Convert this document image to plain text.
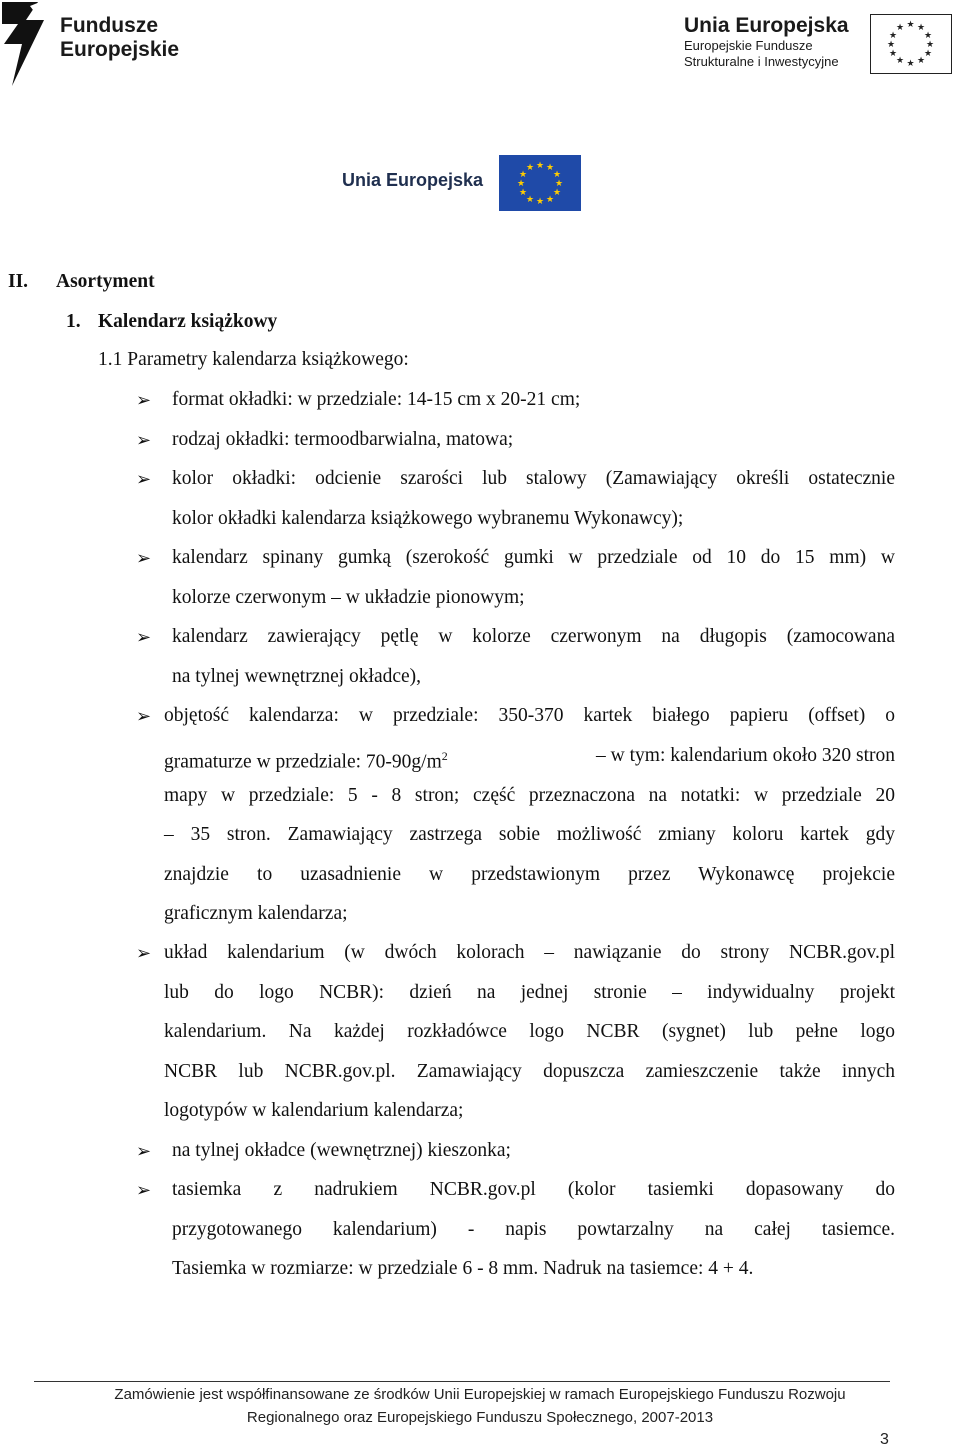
Fundusze
Europejskie
Unia Europejska
Europejskie Fundusze
Strukturalne i Inwestycyjne
★ ★
★
★
★
★
★
★
★
★
★
★
Unia Europejska
★ ★
★
★
★
★
★
★
★
★
★
★
II. Asortyment
1. Kalendarz książkowy
1.1 Parametry kalendarza książkowego:
➢ format okładki: w przedziale: 14-15 cm x 20-21 cm;
➢ rodzaj okładki: termoodbarwialna, matowa;
➢ kolor okładki: odcienie szarości lub stalowy (Zamawiający określi ostatecznie
kolor okładki kalendarza książkowego wybranemu Wykonawcy);
➢ kalendarz spinany gumką (szerokość gumki w przedziale od 10 do 15 mm) w
kolorze czerwonym – w układzie pionowym;
➢ kalendarz zawierający pętlę w kolorze czerwonym na długopis (zamocowana
na tylnej wewnętrznej okładce),
➢ objętość kalendarza: w przedziale: 350-370 kartek białego papieru (offset) o
gramaturze w przedziale: $70-90g/m^2$	– w tym: kalendarium około 320 stron
mapy w przedziale: 5 - 8 stron; część przeznaczona na notatki: w przedziale 20
– 35 stron. Zamawiający zastrzega sobie możliwość zmiany koloru kartek gdy
znajdzie to uzasadnienie w przedstawionym przez Wykonawcę projekcie
graficznym kalendarza;
➢ układ kalendarium (w dwóch kolorach – nawiązanie do strony NCBR.gov.pl
lub do logo NCBR): dzień na jednej stronie – indywidualny projekt
kalendarium. Na każdej rozkładówce logo NCBR (sygnet) lub pełne logo
NCBR lub NCBR.gov.pl. Zamawiający dopuszcza zamieszczenie także innych
logotypów w kalendarium kalendarza;
➢ na tylnej okładce (wewnętrznej) kieszonka;
➢ tasiemka z nadrukiem NCBR.gov.pl (kolor tasiemki dopasowany do
przygotowanego kalendarium) - napis powtarzalny na całej tasiemce.
Tasiemka w rozmiarze: w przedziale 6 - 8 mm. Nadruk na tasiemce: 4 + 4.
Zamówienie jest współfinansowane ze środków Unii Europejskiej w ramach Europejskiego Funduszu Rozwoju
Regionalnego oraz Europejskiego Funduszu Społecznego, 2007-2013
3
